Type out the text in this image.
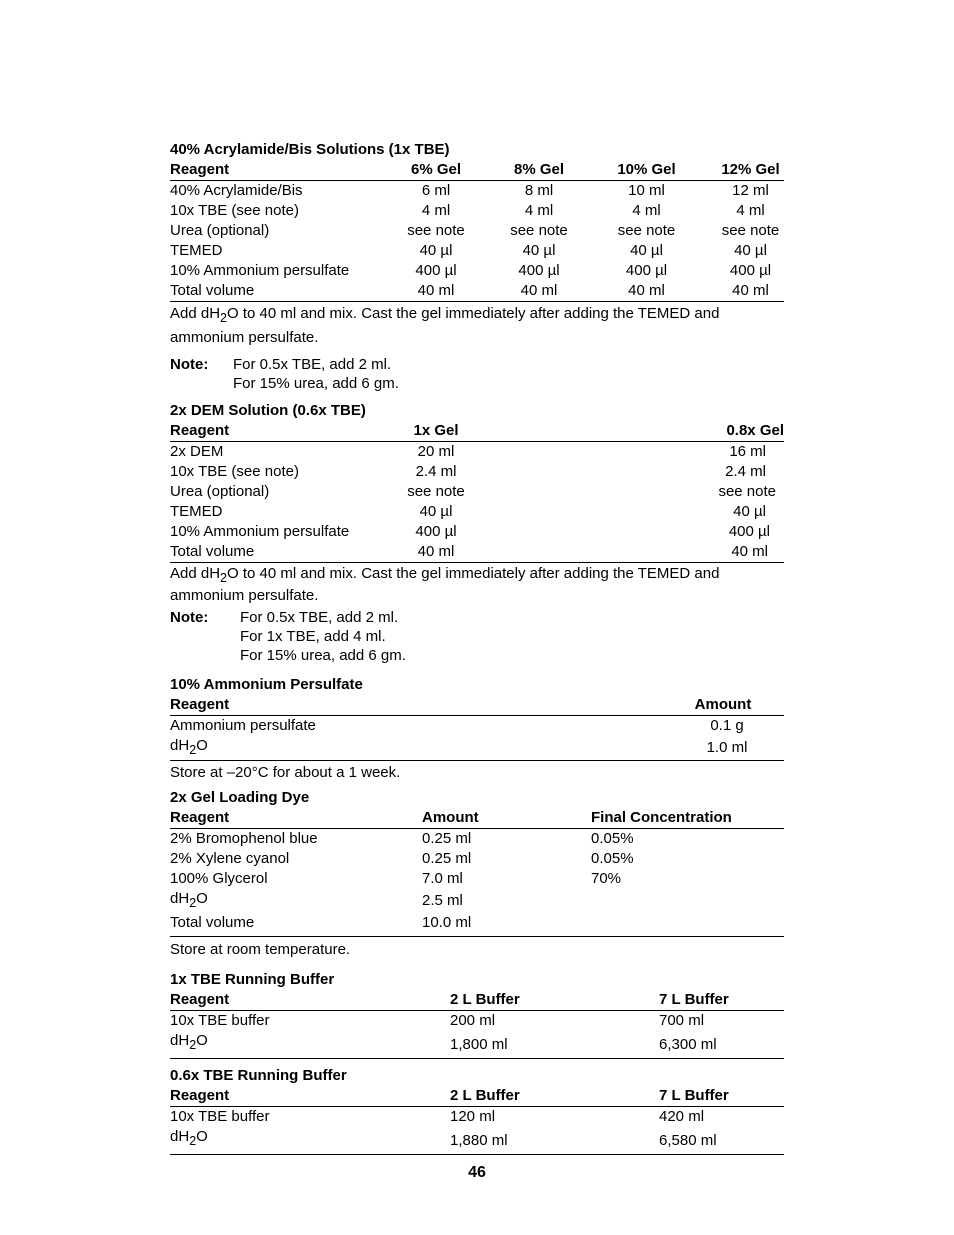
40% Acrylamide/Bis Solutions (1x TBE)
Reagent	6% Gel	8% Gel	10% Gel	12% Gel
40% Acrylamide/Bis	6 ml	8 ml	10 ml	12 ml
10x TBE (see note)	4 ml	4 ml	4 ml	4 ml
Urea (optional)	see note	see note	see note	see note
TEMED	40 µl	40 µl	40 µl	40 µl
10% Ammonium persulfate	400 µl	400 µl	400 µl	400 µl
Total volume	40 ml	40 ml	40 ml	40 ml
Add $dH_2O$ to 40 ml and mix. Cast the gel immediately after adding the TEMED and ammonium persulfate.
Note:	For 0.5x TBE, add 2 ml.
For 15% urea, add 6 gm.
2x DEM Solution (0.6x TBE)
Reagent	1x Gel	0.8x Gel
2x DEM	20 ml	16 ml
10x TBE (see note)	2.4 ml	2.4 ml
Urea (optional)	see note	see note
TEMED	40 µl	40 µl
10% Ammonium persulfate	400 µl	400 µl
Total volume	40 ml	40 ml
Add $dH_2O$ to 40 ml and mix. Cast the gel immediately after adding the TEMED and ammonium persulfate.
Note:	For 0.5x TBE, add 2 ml.
For 1x TBE, add 4 ml.
For 15% urea, add 6 gm.
10% Ammonium Persulfate
Reagent	Amount
Ammonium persulfate	0.1 g
$dH_2O$	1.0 ml
Store at –20°C for about a 1 week.
2x Gel Loading Dye
Reagent	Amount	Final Concentration
2% Bromophenol blue	0.25 ml	0.05%
2% Xylene cyanol	0.25 ml	0.05%
100% Glycerol	7.0 ml	70%
$dH_2O$	2.5 ml	
Total volume	10.0 ml	
Store at room temperature.
1x TBE Running Buffer
Reagent	2 L Buffer	7 L Buffer
10x TBE buffer	200 ml	700 ml
$dH_2O$	1,800 ml	6,300 ml
0.6x TBE Running Buffer
Reagent	2 L Buffer	7 L Buffer
10x TBE buffer	120 ml	420 ml
$dH_2O$	1,880 ml	6,580 ml
46
